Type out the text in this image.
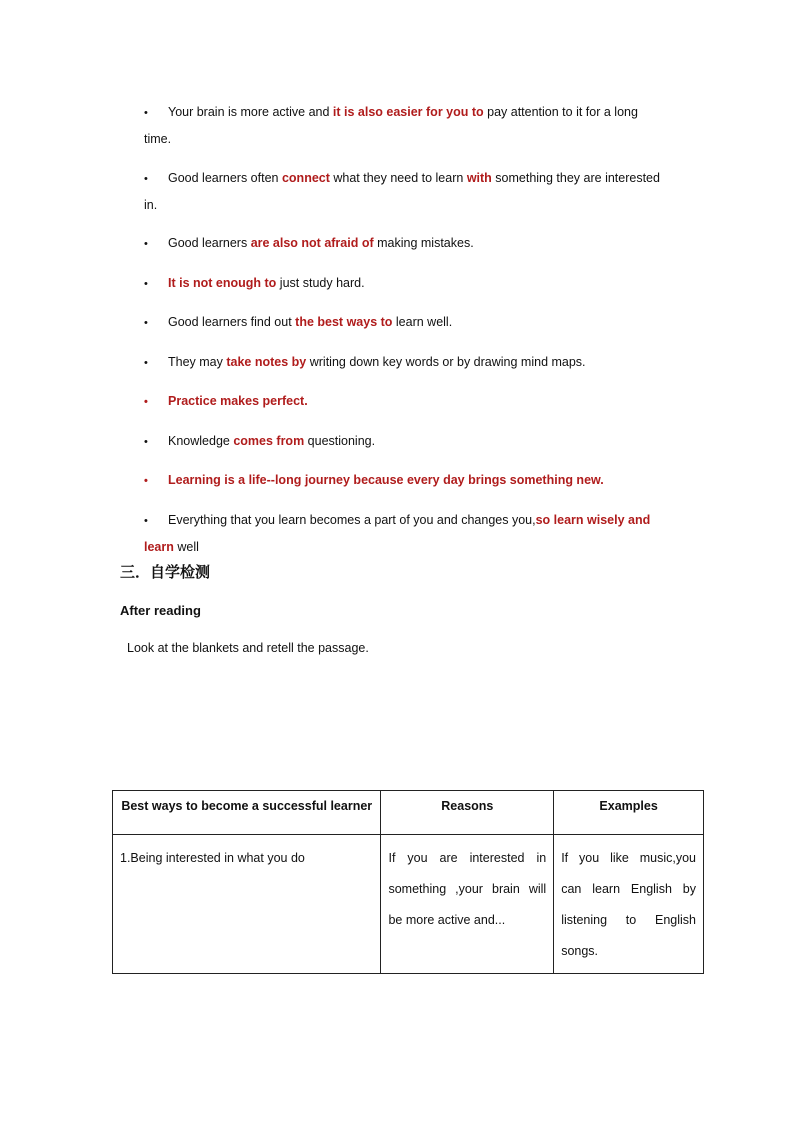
• Your brain is more active and it is also easier for you to pay attention to it for a long time.
• Good learners often connect what they need to learn with something they are interested in.
• Good learners are also not afraid of making mistakes.
• It is not enough to just study hard.
• Good learners find out the best ways to learn well.
• They may take notes by writing down key words or by drawing mind maps.
• Practice makes perfect.
• Knowledge comes from questioning.
• Learning is a life--long journey because every day brings something new.
• Everything that you learn becomes a part of you and changes you,so learn wisely and learn well
三．自学检测
After reading
Look at the blankets and retell the passage.
Best ways to become a successful learner	Reasons	Examples
1.Being interested in what you do	If you are interested in something ,your brain will be more active and...	If you like music,you can learn English by listening to English songs.
